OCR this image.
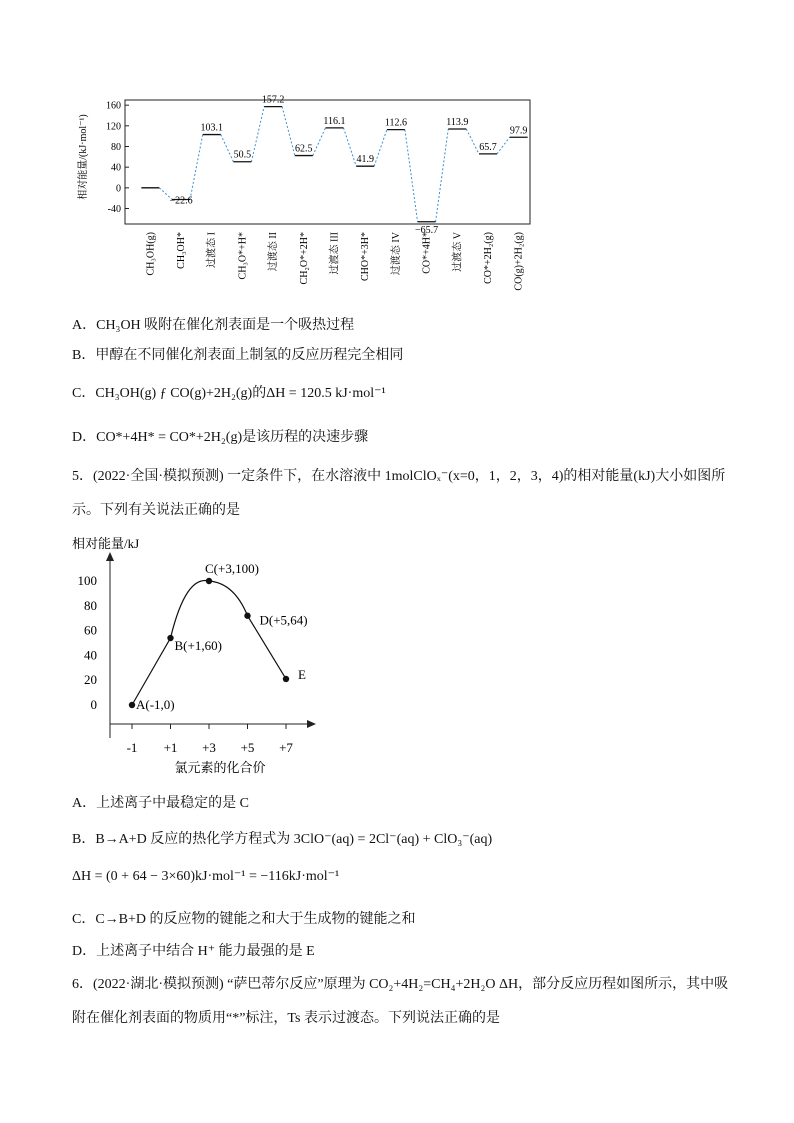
相对能量/(kJ·mol⁻¹)
160
120
80
40
0
-40
−22.6
103.1
50.5
157.2
62.5
116.1
41.9
112.6
−65.7
113.9
65.7
97.9
CH₃OH(g) CH₃OH* 过渡态 I CH₃O*+H* 过渡态 II CH₂O*+2H* 过渡态 III CHO*+3H* 过渡态 IV CO*+4H* 过渡态 V CO*+2H₂(g) CO(g)+2H₂(g)
A．CH₃OH 吸附在催化剂表面是一个吸热过程
B．甲醇在不同催化剂表面上制氢的反应历程完全相同
C．CH₃OH(g) ƒ CO(g)+2H₂(g)的ΔH = 120.5 kJ·mol⁻¹
D．CO*+4H* = CO*+2H₂(g)是该历程的决速步骤
5．(2022·全国·模拟预测) 一定条件下，在水溶液中 1molClOₓ⁻(x=0，1，2，3，4)的相对能量(kJ)大小如图所示。下列有关说法正确的是
相对能量/kJ
100
80
60
40
20
0
-1 +1 +3 +5 +7
A(-1,0)
B(+1,60)
C(+3,100)
D(+5,64)
E
氯元素的化合价
A．上述离子中最稳定的是 C
B．B→A+D 反应的热化学方程式为 3ClO⁻(aq) = 2Cl⁻(aq) + ClO₃⁻(aq)
ΔH = (0 + 64 − 3×60)kJ·mol⁻¹ = −116kJ·mol⁻¹
C．C→B+D 的反应物的键能之和大于生成物的键能之和
D．上述离子中结合 H⁺ 能力最强的是 E
6．(2022·湖北·模拟预测) “萨巴蒂尔反应”原理为 CO₂+4H₂=CH₄+2H₂O ΔH，部分反应历程如图所示，其中吸附在催化剂表面的物质用“*”标注，Ts 表示过渡态。下列说法正确的是
